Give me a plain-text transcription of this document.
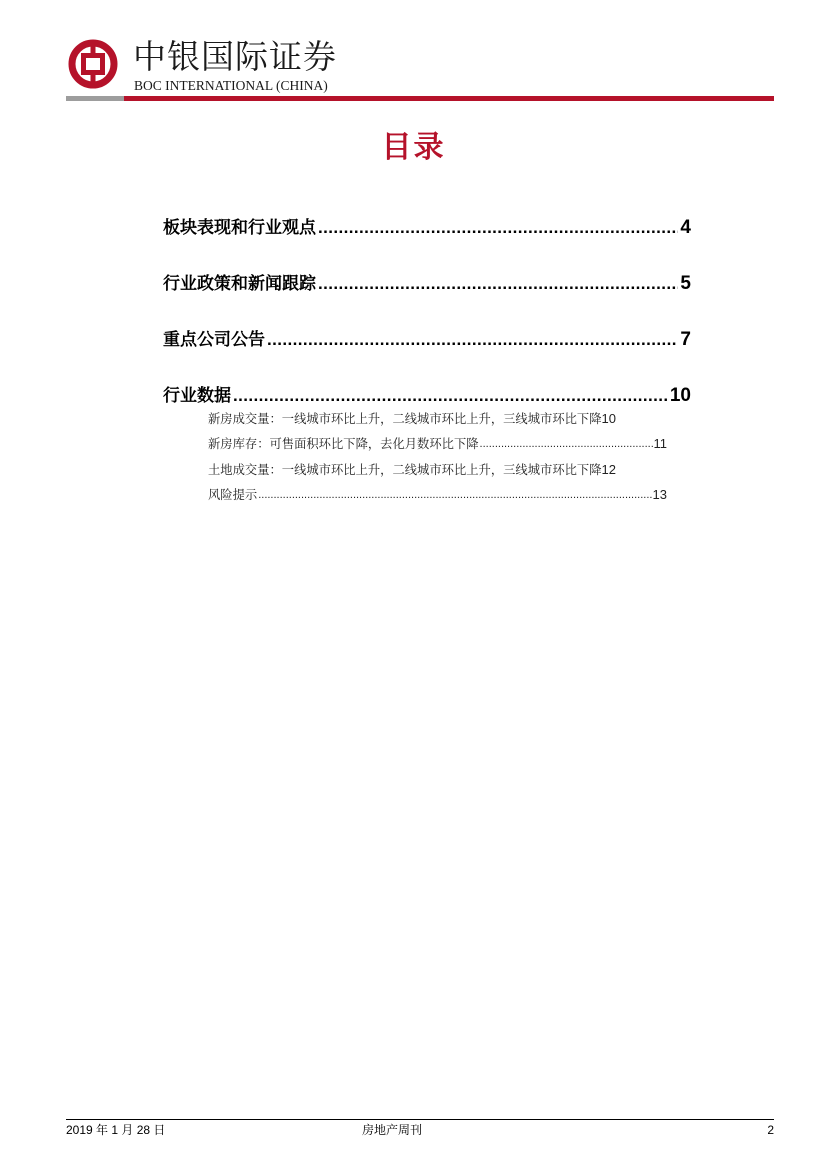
中银国际证券
BOC INTERNATIONAL (CHINA)
目录
板块表现和行业观点 .....	4
行业政策和新闻跟踪 .....	5
重点公司公告 .....	7
行业数据 .....	10
新房成交量：一线城市环比上升，二线城市环比上升，三线城市环比下降 10
新房库存：可售面积环比下降，去化月数环比下降 .....	11
土地成交量：一线城市环比上升，二线城市环比上升，三线城市环比下降 12
风险提示 .....	13
2019 年 1 月 28 日	房地产周刊	2
